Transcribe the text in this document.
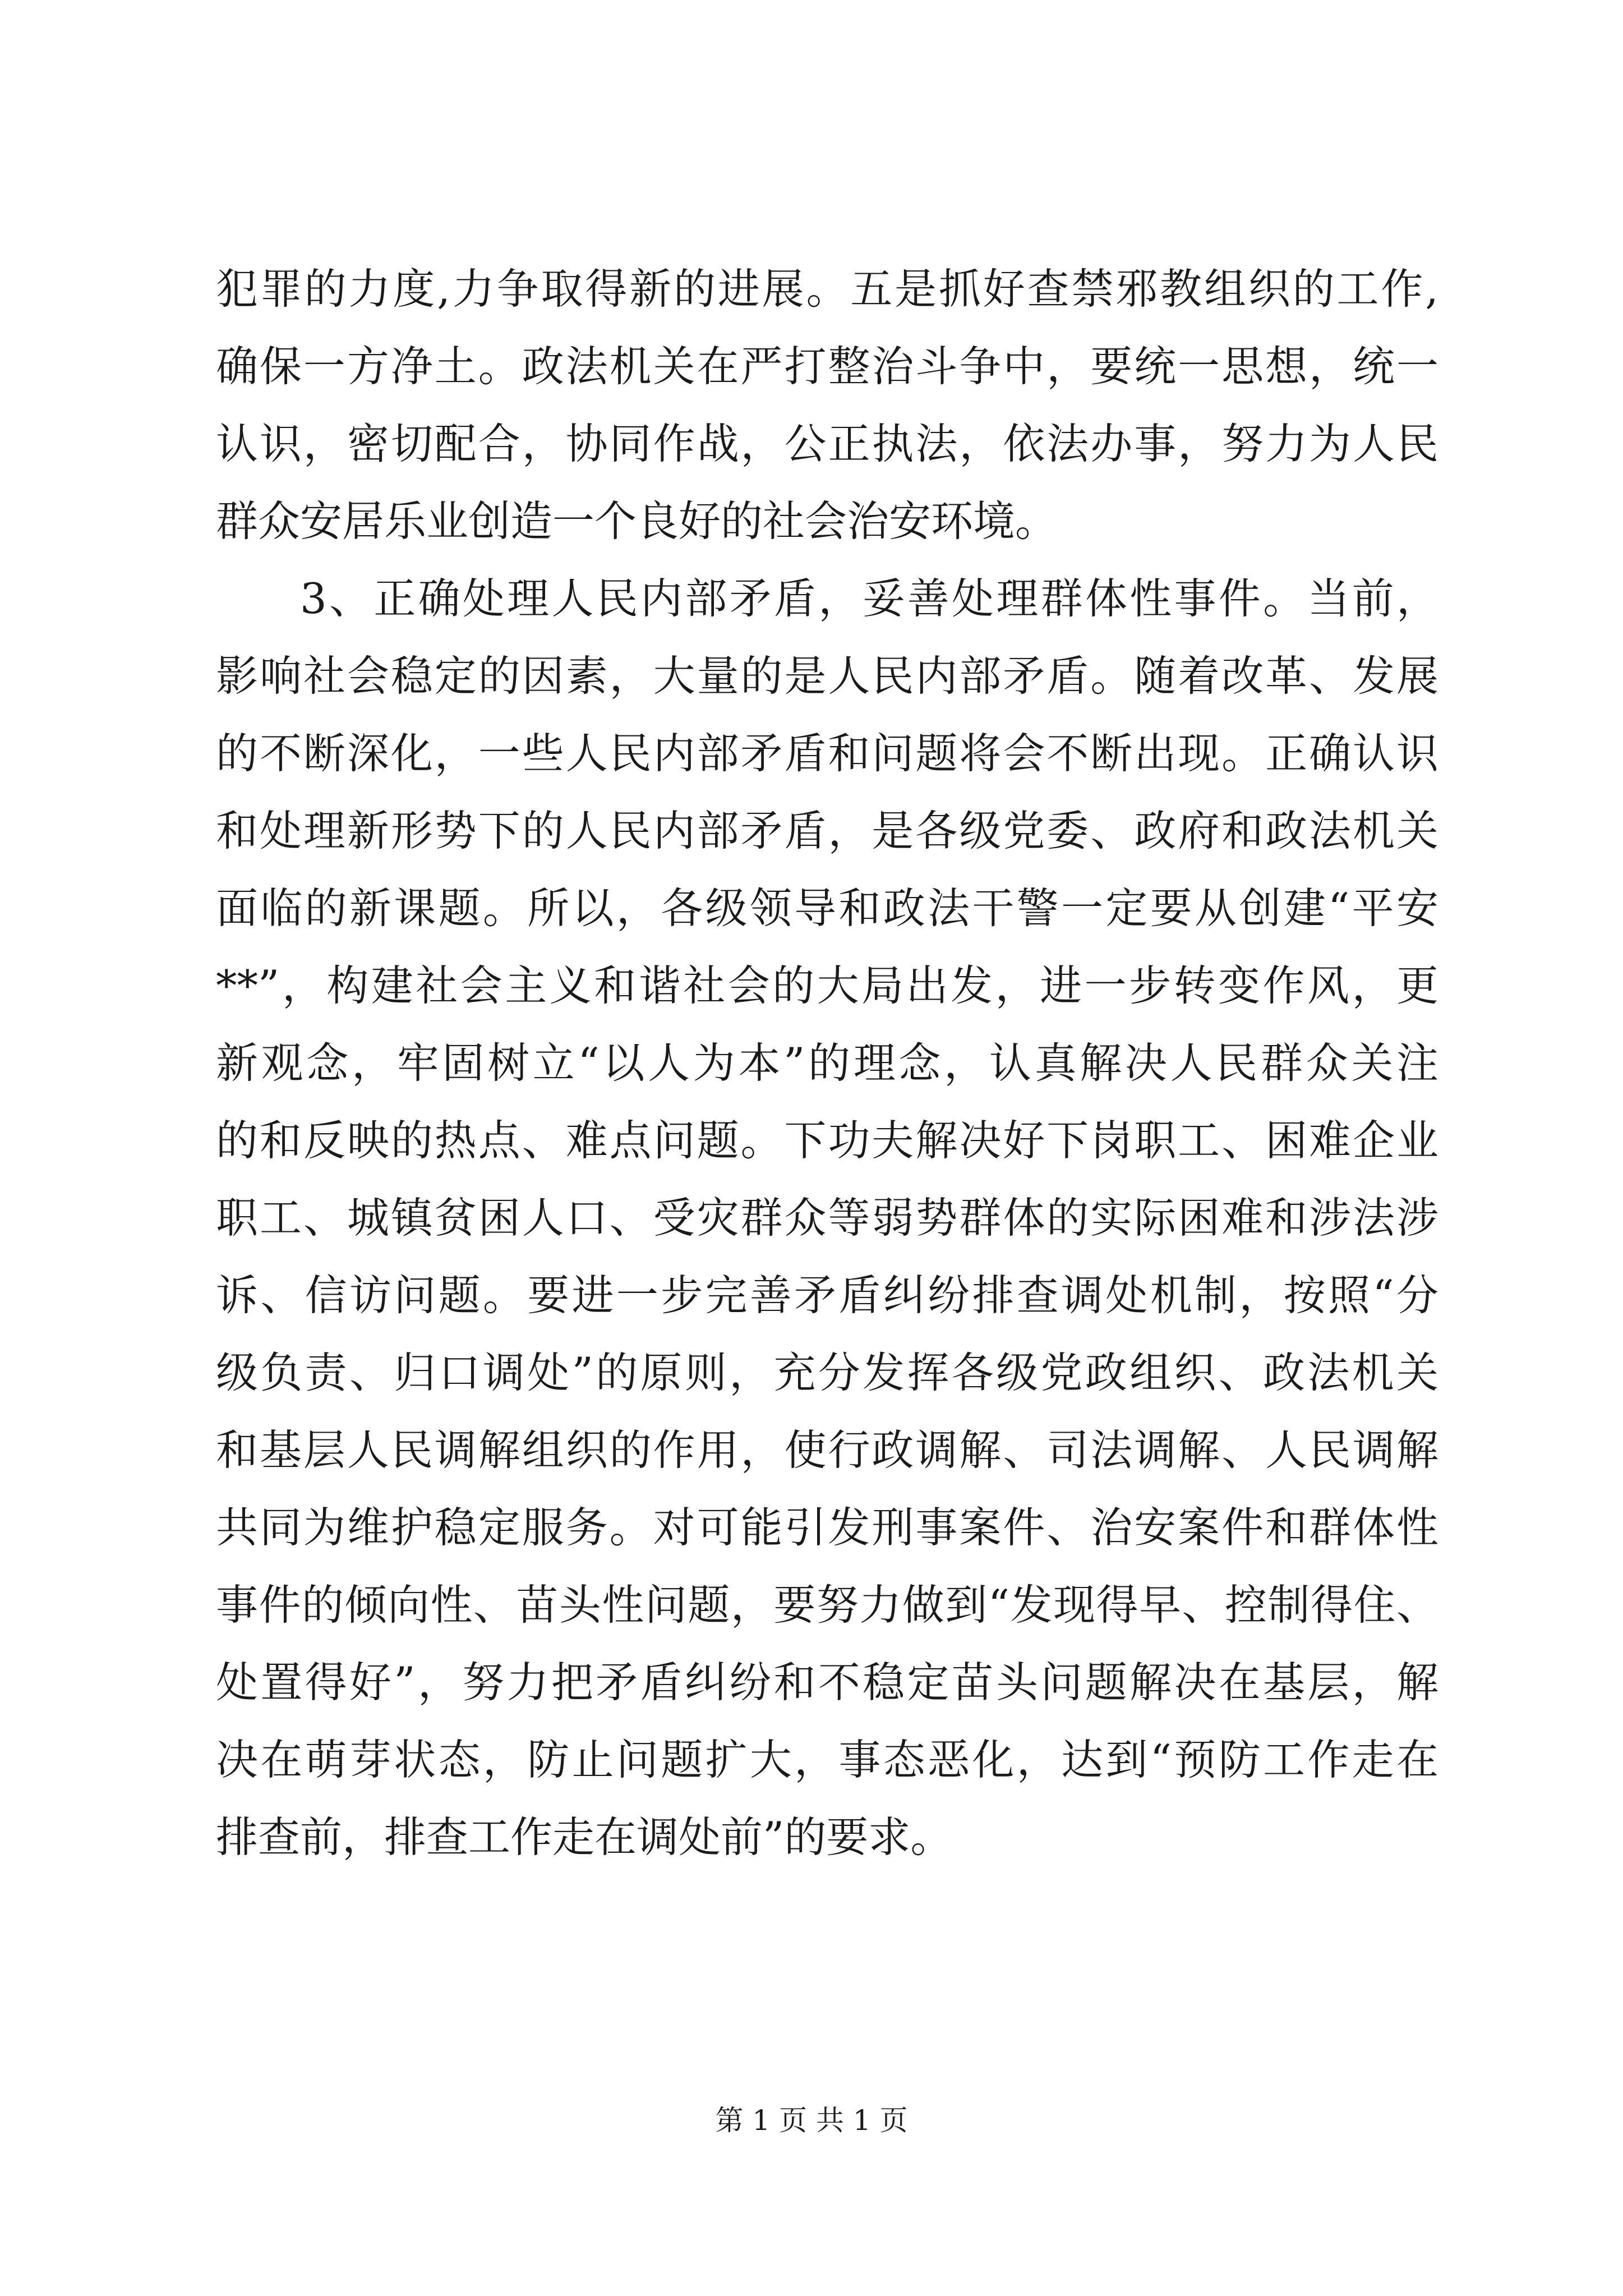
犯罪的力度,力争取得新的进展。五是抓好查禁邪教组织的工作,
确保一方净土。政法机关在严打整治斗争中，要统一思想，统一
认识，密切配合，协同作战，公正执法，依法办事，努力为人民
群众安居乐业创造一个良好的社会治安环境。
3、正确处理人民内部矛盾，妥善处理群体性事件。当前，
影响社会稳定的因素，大量的是人民内部矛盾。随着改革、发展
的不断深化，一些人民内部矛盾和问题将会不断出现。正确认识
和处理新形势下的人民内部矛盾，是各级党委、政府和政法机关
面临的新课题。所以，各级领导和政法干警一定要从创建“平安
**”，构建社会主义和谐社会的大局出发，进一步转变作风，更
新观念，牢固树立“以人为本”的理念，认真解决人民群众关注
的和反映的热点、难点问题。下功夫解决好下岗职工、困难企业
职工、城镇贫困人口、受灾群众等弱势群体的实际困难和涉法涉
诉、信访问题。要进一步完善矛盾纠纷排查调处机制，按照“分
级负责、归口调处”的原则，充分发挥各级党政组织、政法机关
和基层人民调解组织的作用，使行政调解、司法调解、人民调解
共同为维护稳定服务。对可能引发刑事案件、治安案件和群体性
事件的倾向性、苗头性问题，要努力做到“发现得早、控制得住、
处置得好”，努力把矛盾纠纷和不稳定苗头问题解决在基层，解
决在萌芽状态，防止问题扩大，事态恶化，达到“预防工作走在
排查前，排查工作走在调处前”的要求。
第 1 页 共 1 页
